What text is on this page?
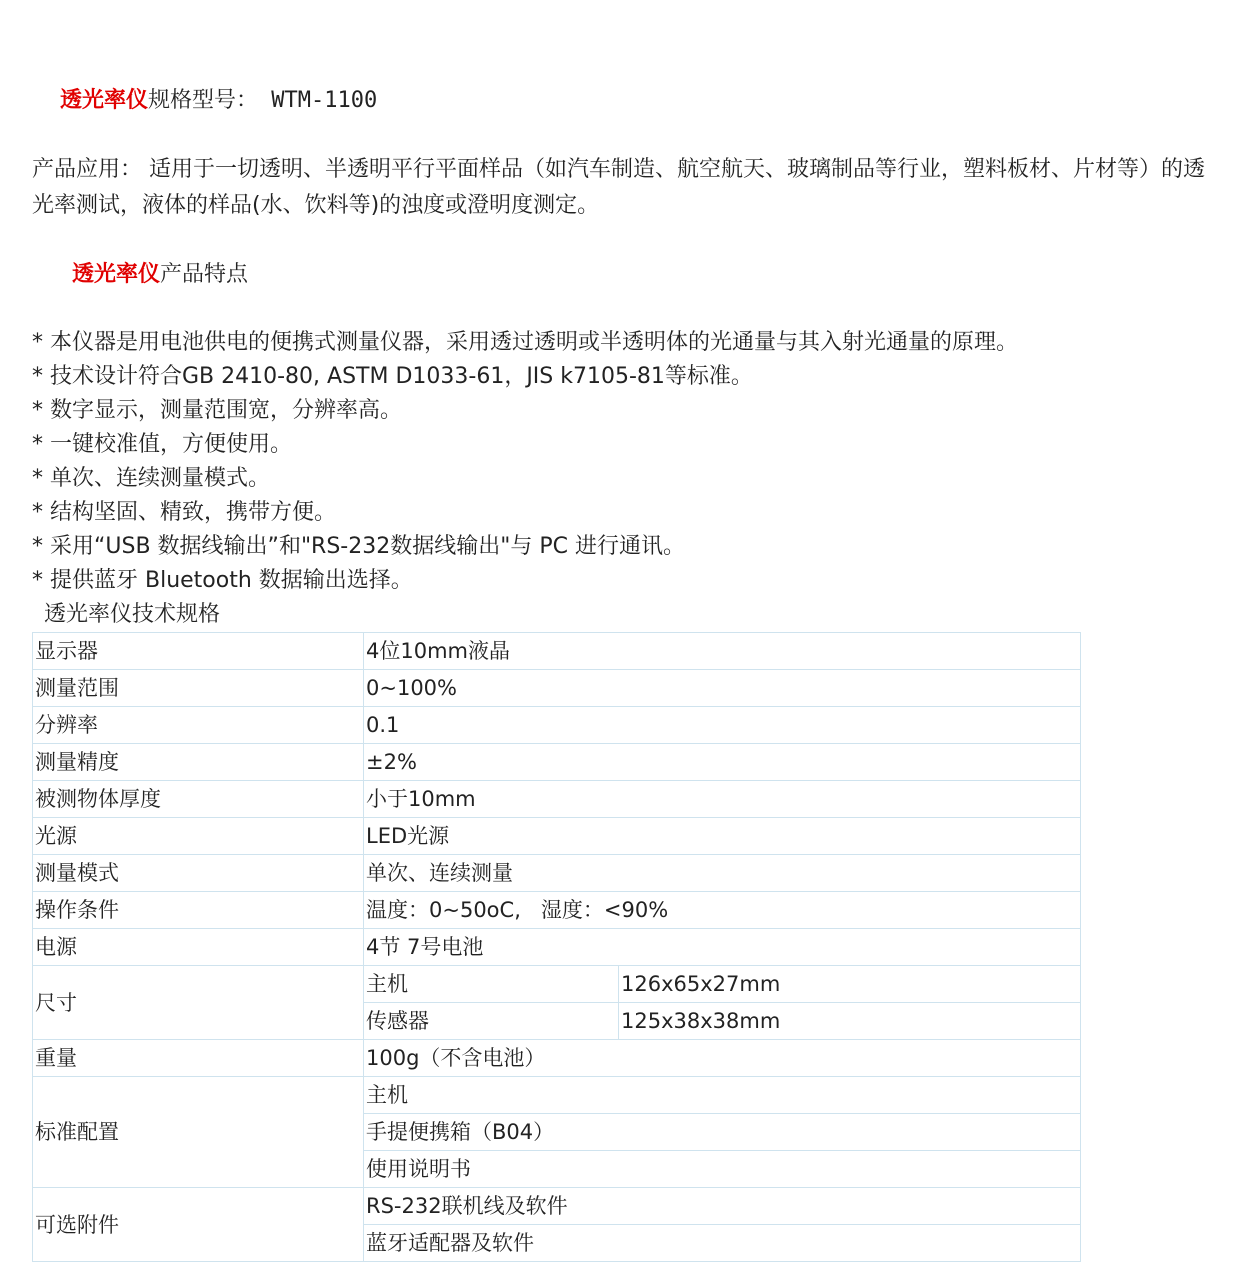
透光率仪规格型号： WTM-1100

产品应用： 适用于一切透明、半透明平行平面样品（如汽车制造、航空航天、玻璃制品等行业，塑料板材、片材等）的透光率测试，液体的样品(水、饮料等)的浊度或澄明度测定。

透光率仪产品特点

* 本仪器是用电池供电的便携式测量仪器，采用透过透明或半透明体的光通量与其入射光通量的原理。
* 技术设计符合GB 2410-80, ASTM D1033-61，JIS k7105-81等标准。
* 数字显示，测量范围宽，分辨率高。
* 一键校准值，方便使用。
* 单次、连续测量模式。
* 结构坚固、精致，携带方便。
* 采用“USB 数据线输出”和"RS-232数据线输出"与 PC 进行通讯。
* 提供蓝牙 Bluetooth 数据输出选择。
透光率仪技术规格
显示器	4位10mm液晶	
测量范围	0~100%	
分辨率	0.1	
测量精度	±2%	
被测物体厚度	小于10mm	
光源	LED光源	
测量模式	单次、连续测量	
操作条件	温度：0~50oC,   湿度：<90%	
电源	4节 7号电池	
尺寸	主机	126x65x27mm
	传感器	125x38x38mm
重量	100g（不含电池）	
标准配置	主机	
	手提便携箱（B04）	
	使用说明书	
可选附件	RS-232联机线及软件	
	蓝牙适配器及软件	
